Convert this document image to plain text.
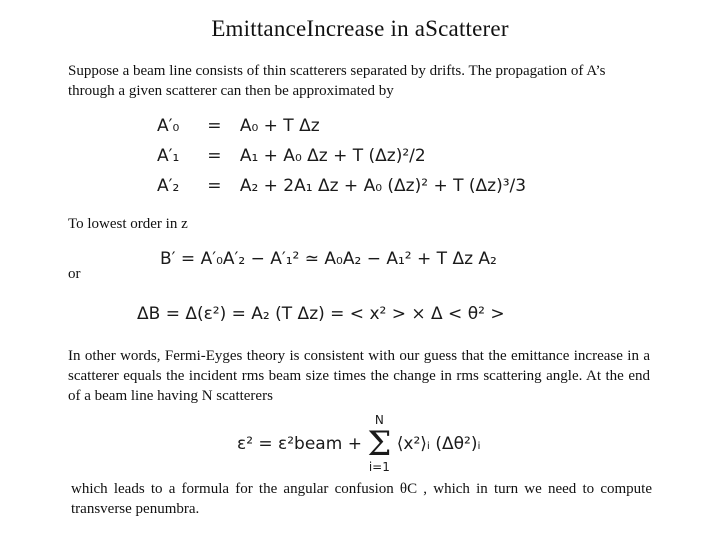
EmittanceIncrease in aScatterer
Suppose a beam line consists of thin scatterers separated by drifts. The propagation of A’s through a given scatterer can then be approximated by
A′₀ = A₀ + T Δz
A′₁ = A₁ + A₀ Δz + T (Δz)²/2
A′₂ = A₂ + 2A₁ Δz + A₀ (Δz)² + T (Δz)³/3
To lowest order in z
B′ = A′₀A′₂ − A′₁² ≃ A₀A₂ − A₁² + T Δz A₂
or
ΔB = Δ(ε²) = A₂ (T Δz) = < x² > × Δ < θ² >
In other words, Fermi-Eyges theory is consistent with our guess that the emittance increase in a scatterer equals the incident rms beam size times the change in rms scattering angle. At the end of a beam line having N scatterers
ε² = ε²beam +
N
Σ
i=1
⟨x²⟩ᵢ (Δθ²)ᵢ
which leads to a formula for the angular confusion θC , which in turn we need to compute transverse penumbra.
